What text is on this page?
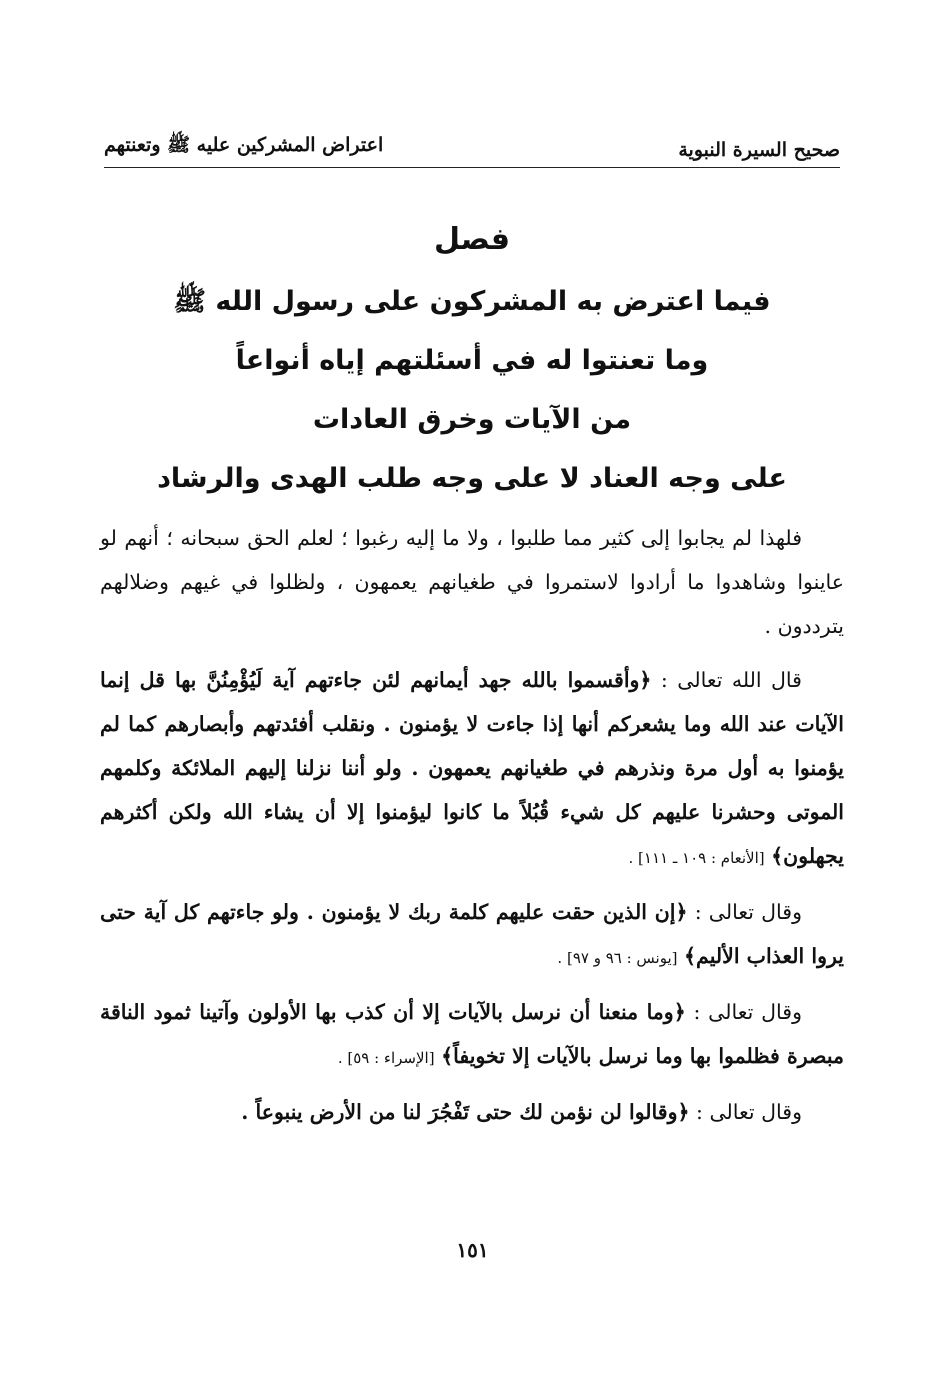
صحيح السيرة النبوية
اعتراض المشركين عليه ﷺ وتعنتهم
فصل
فيما اعترض به المشركون على رسول الله ﷺ
وما تعنتوا له في أسئلتهم إياه أنواعاً
من الآيات وخرق العادات
على وجه العناد لا على وجه طلب الهدى والرشاد

فلهذا لم يجابوا إلى كثير مما طلبوا ، ولا ما إليه رغبوا ؛ لعلم الحق سبحانه ؛ أنهم لو عاينوا وشاهدوا ما أرادوا لاستمروا في طغيانهم يعمهون ، ولظلوا في غيهم وضلالهم يترددون .

قال الله تعالى : ﴿وأقسموا بالله جهد أيمانهم لئن جاءتهم آية لَيُؤْمِنُنَّ بها قل إنما الآيات عند الله وما يشعركم أنها إذا جاءت لا يؤمنون . ونقلب أفئدتهم وأبصارهم كما لم يؤمنوا به أول مرة ونذرهم في طغيانهم يعمهون . ولو أننا نزلنا إليهم الملائكة وكلمهم الموتى وحشرنا عليهم كل شيء قُبُلاً ما كانوا ليؤمنوا إلا أن يشاء الله ولكن أكثرهم يجهلون﴾ [الأنعام : ١٠٩ ـ ١١١] .

وقال تعالى : ﴿إن الذين حقت عليهم كلمة ربك لا يؤمنون . ولو جاءتهم كل آية حتى يروا العذاب الأليم﴾ [يونس : ٩٦ و ٩٧] .

وقال تعالى : ﴿وما منعنا أن نرسل بالآيات إلا أن كذب بها الأولون وآتينا ثمود الناقة مبصرة فظلموا بها وما نرسل بالآيات إلا تخويفاً﴾ [الإسراء : ٥٩] .

وقال تعالى : ﴿وقالوا لن نؤمن لك حتى تَفْجُرَ لنا من الأرض ينبوعاً .

١٥١
